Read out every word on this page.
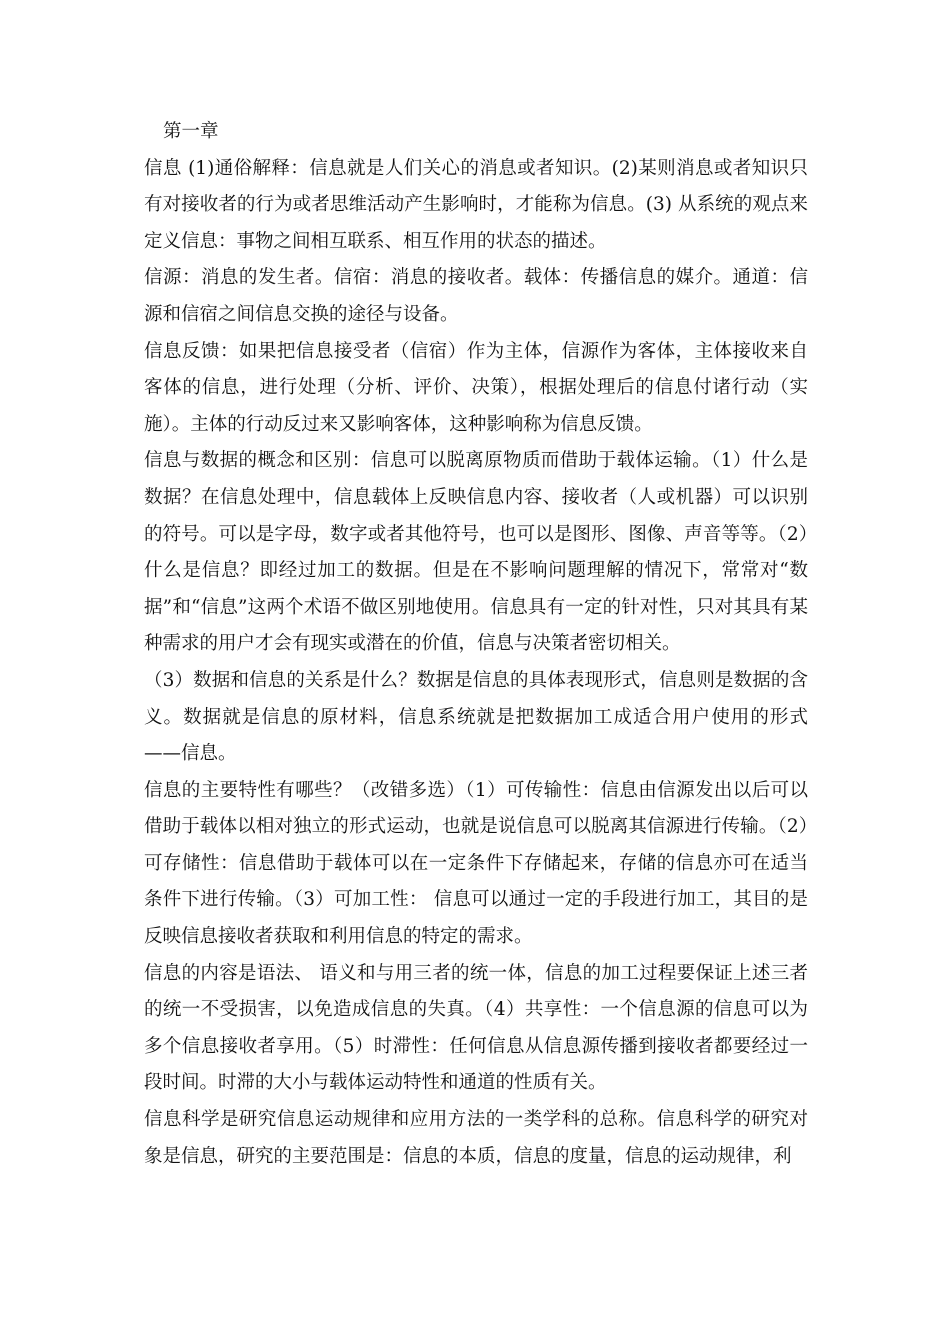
第一章

信息 (1)通俗解释：信息就是人们关心的消息或者知识。(2)某则消息或者知识只有对接收者的行为或者思维活动产生影响时，才能称为信息。(3) 从系统的观点来定义信息：事物之间相互联系、相互作用的状态的描述。

信源：消息的发生者。信宿：消息的接收者。载体：传播信息的媒介。通道：信源和信宿之间信息交换的途径与设备。

信息反馈：如果把信息接受者（信宿）作为主体，信源作为客体，主体接收来自客体的信息，进行处理（分析、评价、决策），根据处理后的信息付诸行动（实施）。主体的行动反过来又影响客体，这种影响称为信息反馈。

信息与数据的概念和区别：信息可以脱离原物质而借助于载体运输。（1）什么是数据？在信息处理中，信息载体上反映信息内容、接收者（人或机器）可以识别的符号。可以是字母，数字或者其他符号，也可以是图形、图像、声音等等。（2）什么是信息？即经过加工的数据。但是在不影响问题理解的情况下，常常对“数据”和“信息”这两个术语不做区别地使用。信息具有一定的针对性，只对其具有某种需求的用户才会有现实或潜在的价值，信息与决策者密切相关。

（3）数据和信息的关系是什么？数据是信息的具体表现形式，信息则是数据的含义。数据就是信息的原材料，信息系统就是把数据加工成适合用户使用的形式——信息。

信息的主要特性有哪些？（改错多选）（1）可传输性：信息由信源发出以后可以借助于载体以相对独立的形式运动，也就是说信息可以脱离其信源进行传输。（2）可存储性：信息借助于载体可以在一定条件下存储起来，存储的信息亦可在适当条件下进行传输。（3）可加工性： 信息可以通过一定的手段进行加工，其目的是反映信息接收者获取和利用信息的特定的需求。

信息的内容是语法、 语义和与用三者的统一体，信息的加工过程要保证上述三者的统一不受损害，以免造成信息的失真。（4）共享性：一个信息源的信息可以为多个信息接收者享用。（5）时滞性：任何信息从信息源传播到接收者都要经过一段时间。时滞的大小与载体运动特性和通道的性质有关。

信息科学是研究信息运动规律和应用方法的一类学科的总称。信息科学的研究对象是信息，研究的主要范围是：信息的本质，信息的度量，信息的运动规律，利
